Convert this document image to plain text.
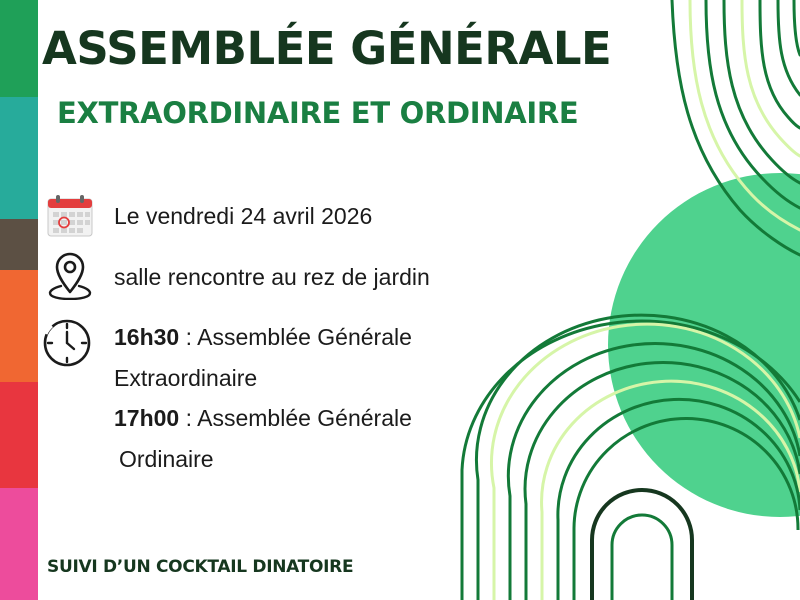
ASSEMBLÉE GÉNÉRALE
EXTRAORDINAIRE ET ORDINAIRE
Le vendredi 24 avril 2026
salle rencontre au rez de jardin
16h30 : Assemblée Générale
Extraordinaire
17h00 : Assemblée Générale
Ordinaire
SUIVI D’UN COCKTAIL DINATOIRE
